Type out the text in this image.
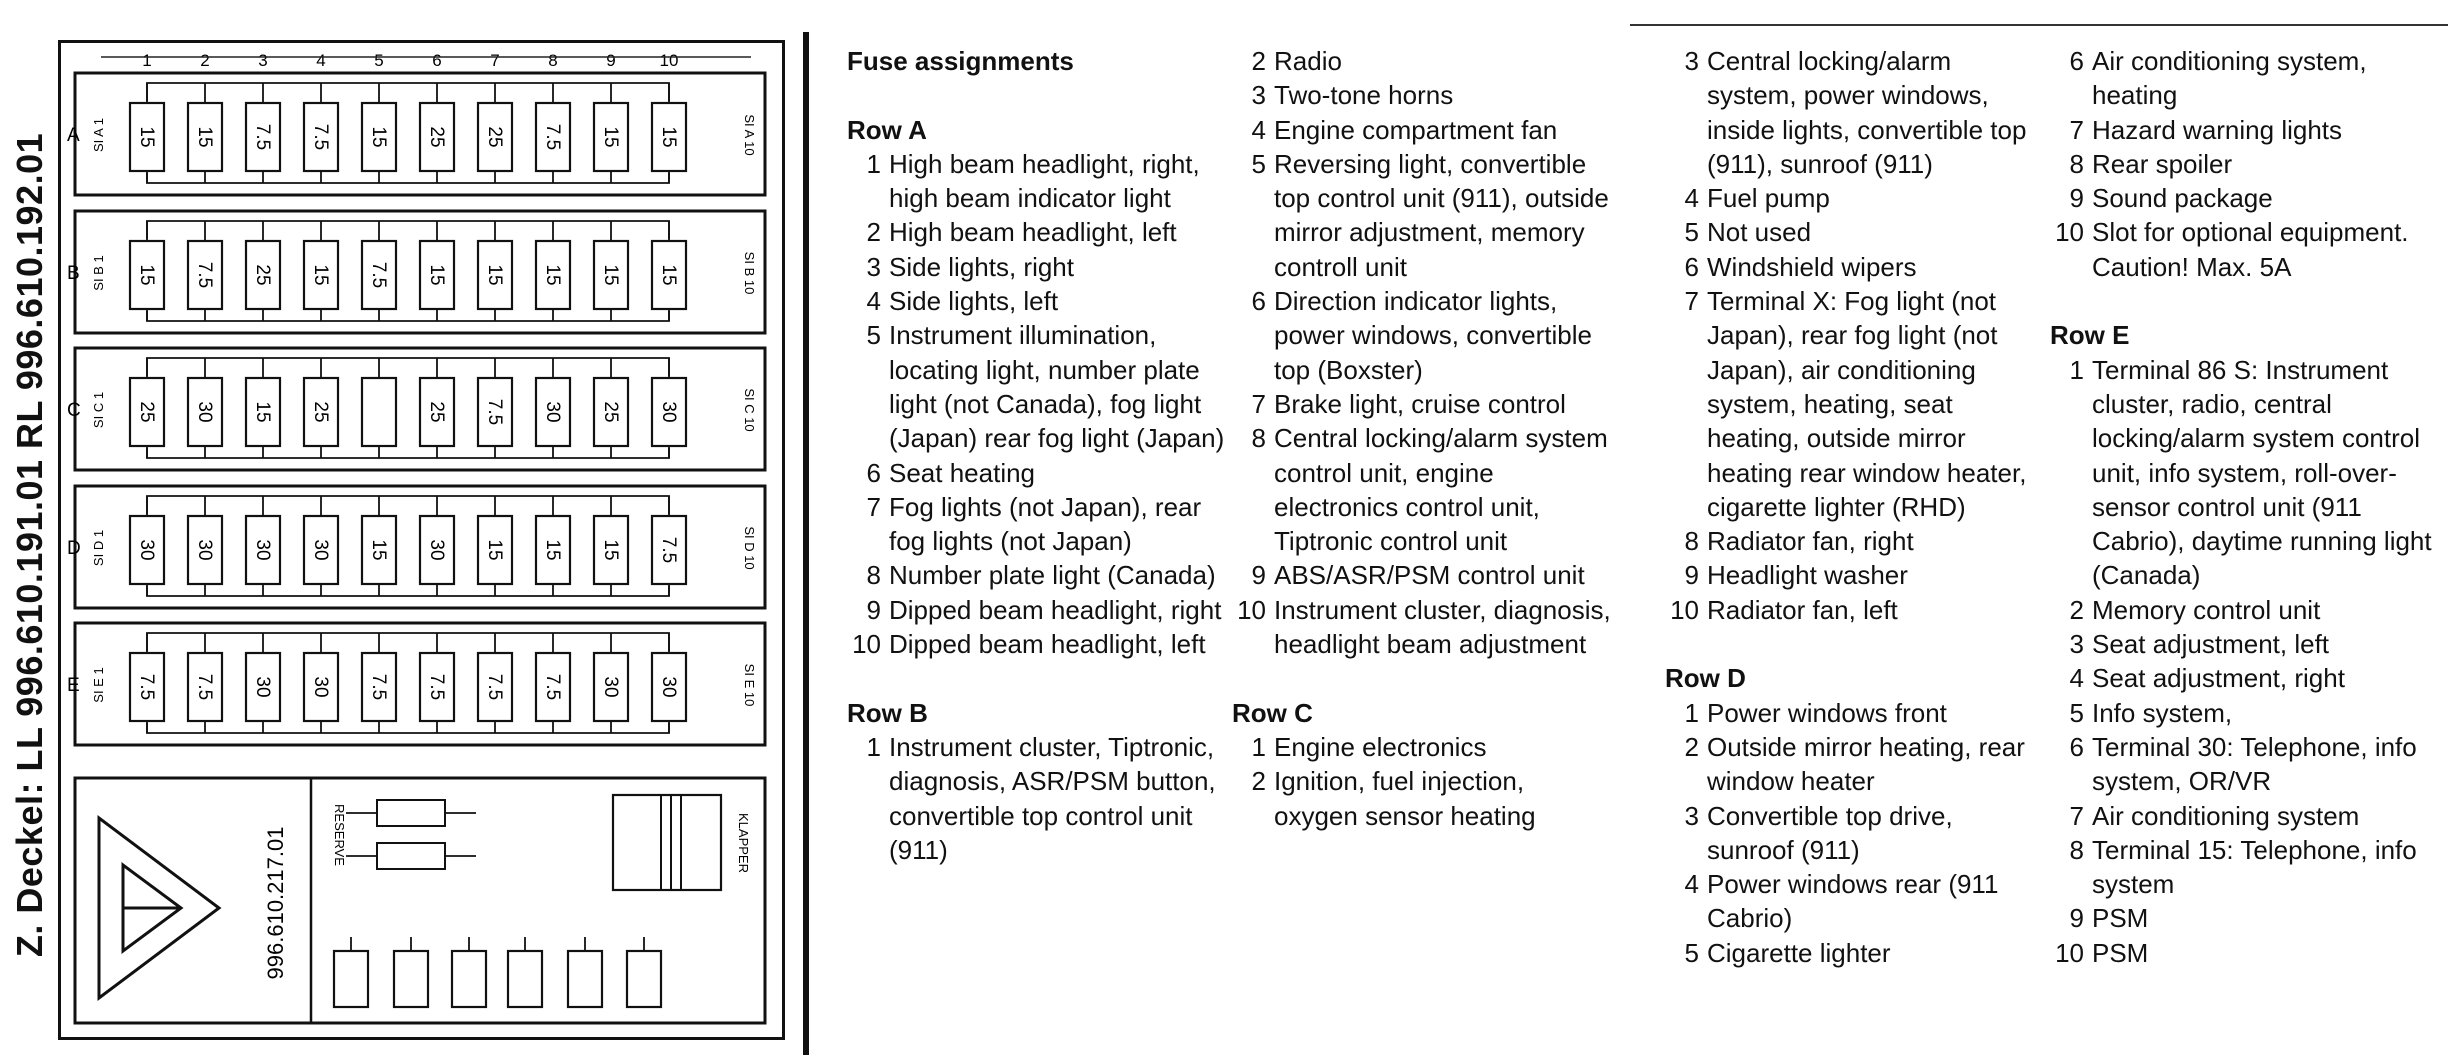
Z. Deckel: LL 996.610.191.01 RL 996.610.192.01
1	2	3	4	5	6	7	8	9	10
A SI A 1	SI A 10
15 15 7.5 7.5 15 25 25 7.5 15 15
B SI B 1	SI B 10
15 7.5 25 15 7.5 15 15 15 15 15
C SI C 1	SI C 10
25 30 15 25	25 7.5 30 25 30
D SI D 1	SI D 10
30 30 30 30 15 30 15 15 15 7.5
E SI E 1	SI E 10
7.5 7.5 30 30 7.5 7.5 7.5 7.5 30 30
996.610.217.01	RESERVE	KLAPPER
Fuse assignments
Row A
1 High beam headlight, right, high beam indicator light
2 High beam headlight, left
3 Side lights, right
4 Side lights, left
5 Instrument illumination, locating light, number plate light (not Canada), fog light (Japan) rear fog light (Japan)
6 Seat heating
7 Fog lights (not Japan), rear fog lights (not Japan)
8 Number plate light (Canada)
9 Dipped beam headlight, right
10 Dipped beam headlight, left
Row B
1 Instrument cluster, Tiptronic, diagnosis, ASR/PSM button, convertible top control unit (911)
2 Radio
3 Two-tone horns
4 Engine compartment fan
5 Reversing light, convertible top control unit (911), outside mirror adjustment, memory controll unit
6 Direction indicator lights, power windows, convertible top (Boxster)
7 Brake light, cruise control
8 Central locking/alarm system control unit, engine electronics control unit, Tiptronic control unit
9 ABS/ASR/PSM control unit
10 Instrument cluster, diagnosis, headlight beam adjustment
Row C
1 Engine electronics
2 Ignition, fuel injection, oxygen sensor heating
3 Central locking/alarm system, power windows, inside lights, convertible top (911), sunroof (911)
4 Fuel pump
5 Not used
6 Windshield wipers
7 Terminal X: Fog light (not Japan), rear fog light (not Japan), air conditioning system, heating, seat heating, outside mirror heating rear window heater, cigarette lighter (RHD)
8 Radiator fan, right
9 Headlight washer
10 Radiator fan, left
Row D
1 Power windows front
2 Outside mirror heating, rear window heater
3 Convertible top drive, sunroof (911)
4 Power windows rear (911 Cabrio)
5 Cigarette lighter
6 Air conditioning system, heating
7 Hazard warning lights
8 Rear spoiler
9 Sound package
10 Slot for optional equipment. Caution! Max. 5A
Row E
1 Terminal 86 S: Instrument cluster, radio, central locking/alarm system control unit, info system, roll-over-sensor control unit (911 Cabrio), daytime running light (Canada)
2 Memory control unit
3 Seat adjustment, left
4 Seat adjustment, right
5 Info system,
6 Terminal 30: Telephone, info system, OR/VR
7 Air conditioning system
8 Terminal 15: Telephone, info system
9 PSM
10 PSM
